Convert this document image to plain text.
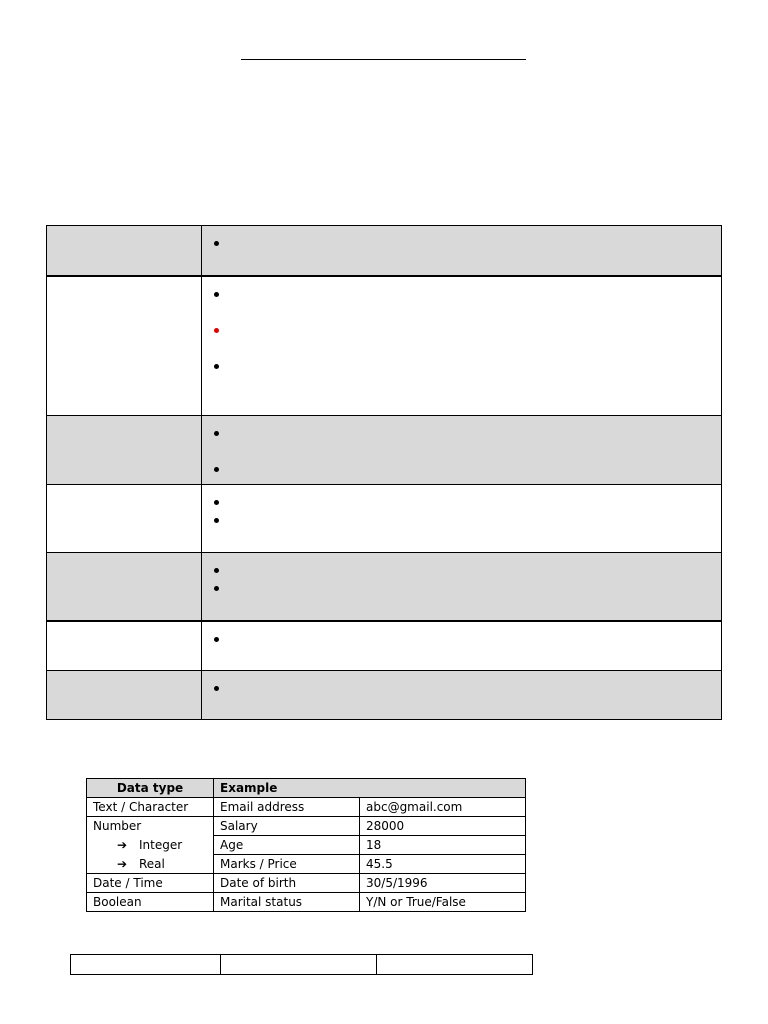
Data type	Example	
Text / Character	Email address	abc@gmail.com
Number	Salary	28000
➔ Integer	Age	18
➔ Real	Marks / Price	45.5
Date / Time	Date of birth	30/5/1996
Boolean	Marital status	Y/N or True/False
